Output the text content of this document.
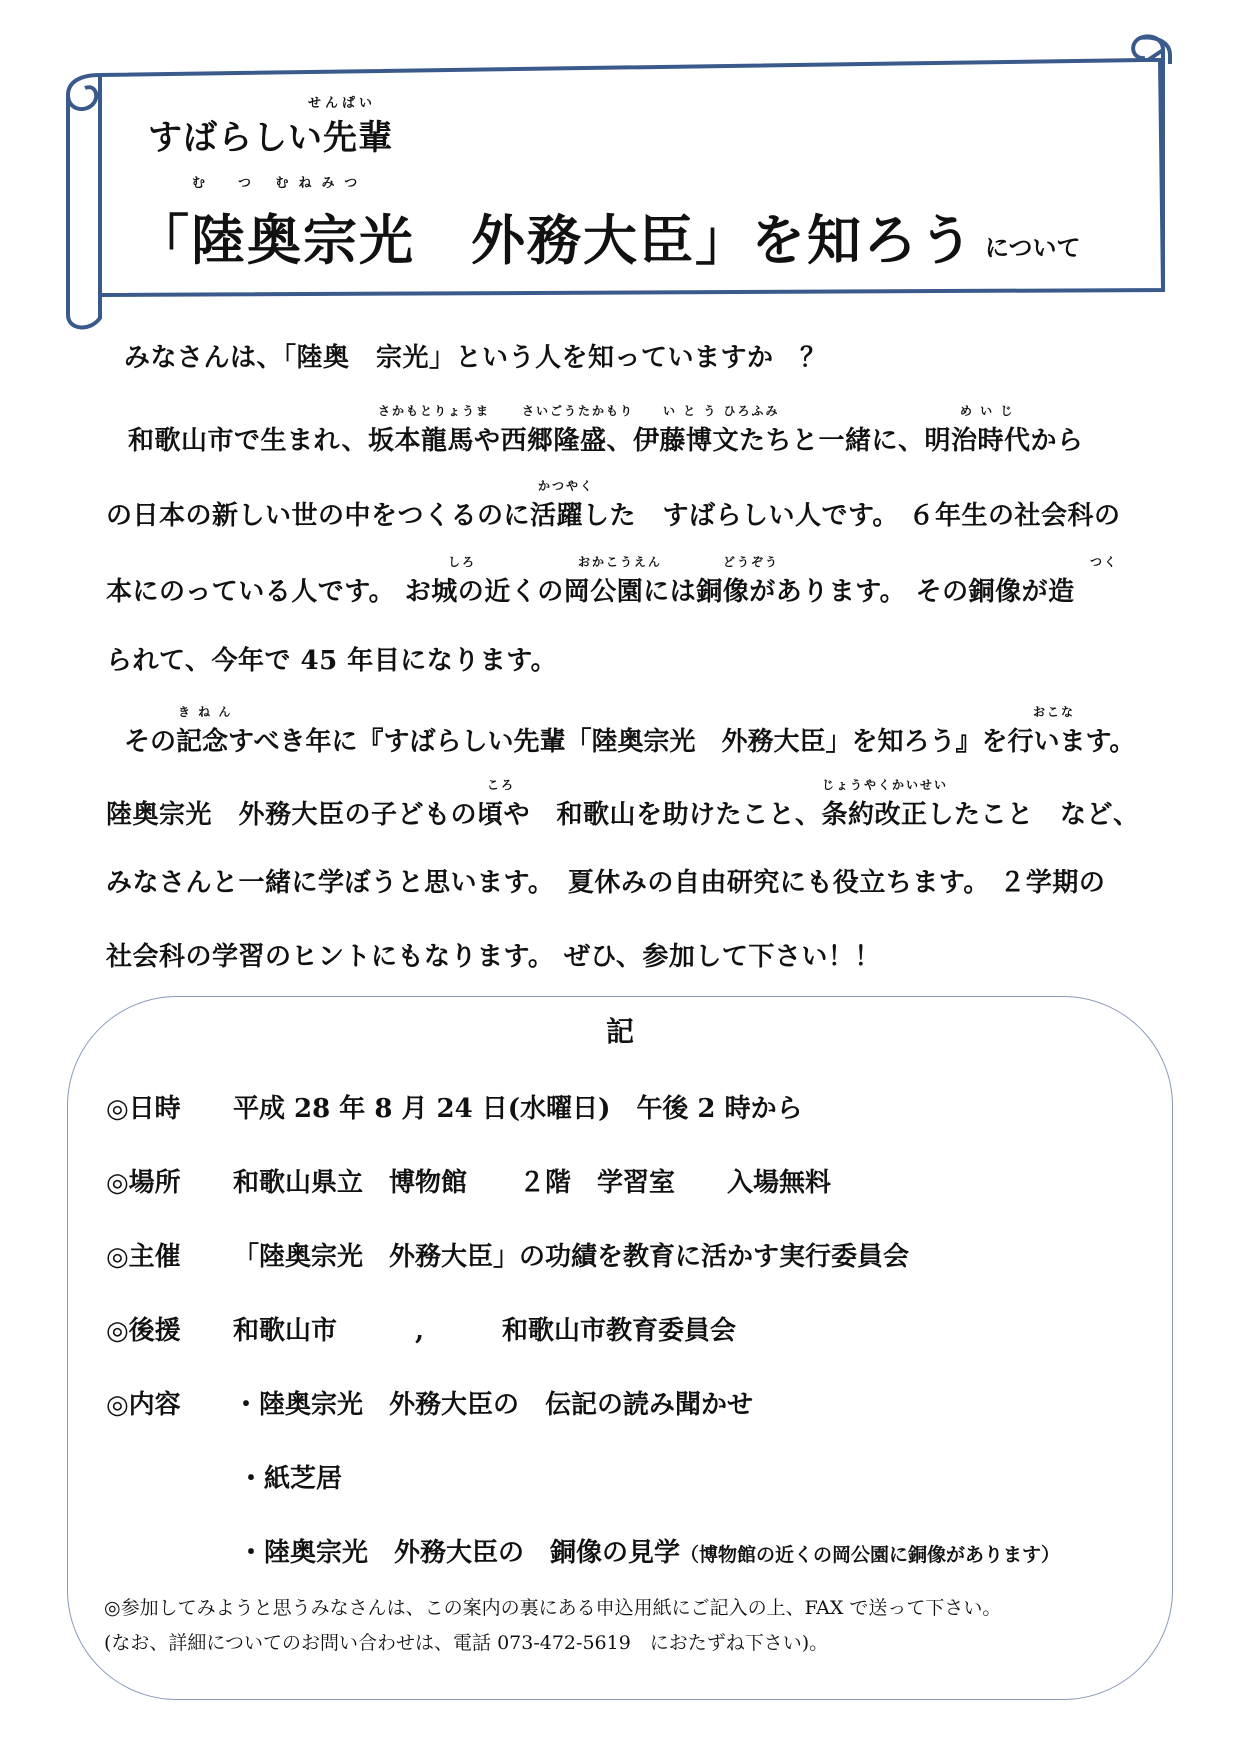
せんぱい
すばらしい先輩
む　つ むねみつ
「陸奥宗光　外務大臣」を知ろう について
みなさんは、「陸奥　宗光」という人を知っていますか　？
さかもとりょうま	さいごうたかもり い と う ひろふみ	め い じ
和歌山市で生まれ、坂本龍馬や西郷隆盛、伊藤博文たちと一緒に、明治時代から
かつやく
の日本の新しい世の中をつくるのに活躍した　すばらしい人です。 ６年生の社会科の
しろ	おかこうえん	どうぞう	つく
本にのっている人です。 お城の近くの岡公園には銅像があります。 その銅像が造
られて、今年で 45 年目になります。
き ね ん	おこな
その記念すべき年に『すばらしい先輩「陸奥宗光　外務大臣」を知ろう』を行います。
ころ	じょうやくかいせい
陸奥宗光　外務大臣の子どもの頃や　和歌山を助けたこと、条約改正したこと　など、
みなさんと一緒に学ぼうと思います。　夏休みの自由研究にも役立ちます。 ２学期の
社会科の学習のヒントにもなります。 ぜひ、参加して下さい！！
記
◎日時 平成 28 年 8 月 24 日(水曜日)　午後 2 時から
◎場所 和歌山県立　博物館　　２階　学習室　　入場無料
◎主催 「陸奥宗光　外務大臣」の功績を教育に活かす実行委員会
◎後援 和歌山市　　　,　　　和歌山市教育委員会
◎内容 ・陸奥宗光　外務大臣の　伝記の読み聞かせ
・紙芝居
・陸奥宗光　外務大臣の　銅像の見学（博物館の近くの岡公園に銅像があります）
◎参加してみようと思うみなさんは、この案内の裏にある申込用紙にご記入の上、FAX で送って下さい。
(なお、詳細についてのお問い合わせは、電話 073-472-5619　におたずね下さい)。
